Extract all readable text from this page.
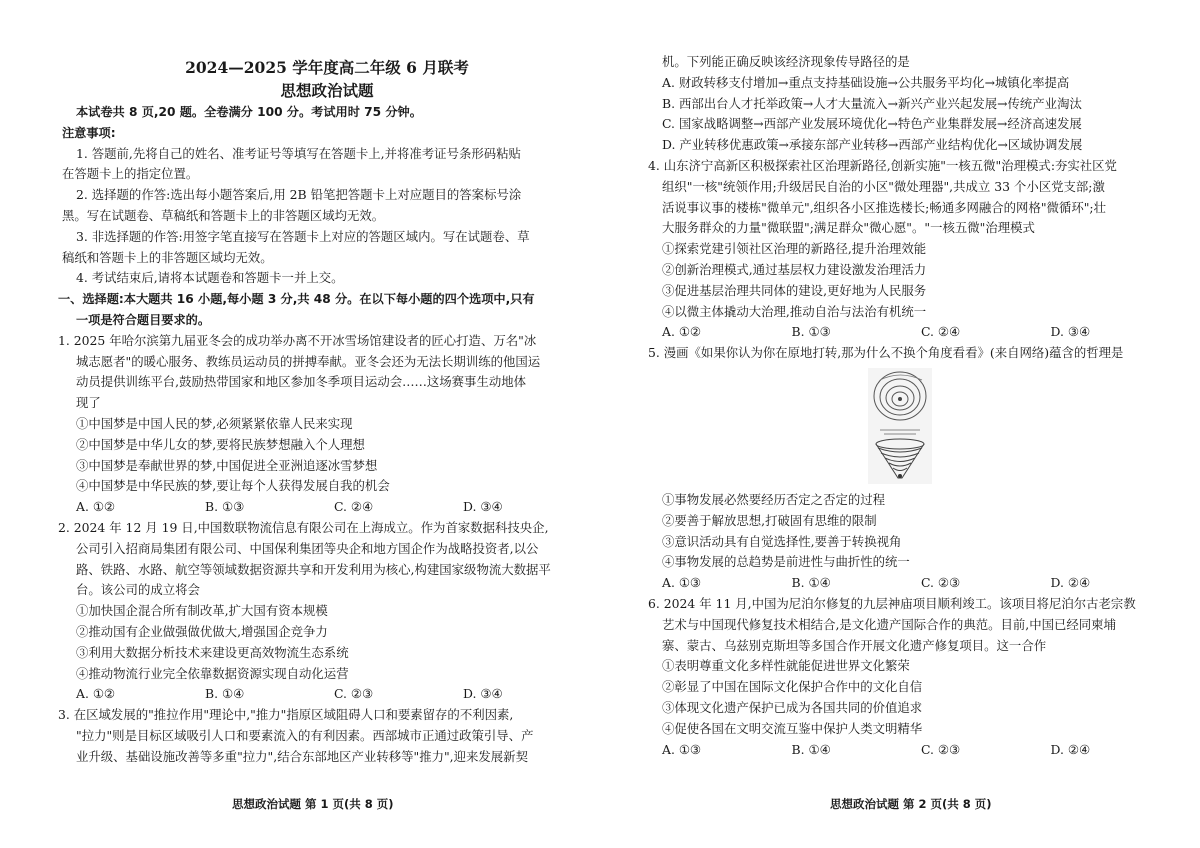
2024—2025 学年度高二年级 6 月联考
思想政治试题
本试卷共 8 页,20 题。全卷满分 100 分。考试用时 75 分钟。
注意事项:
1. 答题前,先将自己的姓名、准考证号等填写在答题卡上,并将准考证号条形码粘贴
在答题卡上的指定位置。
2. 选择题的作答:选出每小题答案后,用 2B 铅笔把答题卡上对应题目的答案标号涂
黑。写在试题卷、草稿纸和答题卡上的非答题区域均无效。
3. 非选择题的作答:用签字笔直接写在答题卡上对应的答题区域内。写在试题卷、草
稿纸和答题卡上的非答题区域均无效。
4. 考试结束后,请将本试题卷和答题卡一并上交。
一、选择题:本大题共 16 小题,每小题 3 分,共 48 分。在以下每小题的四个选项中,只有
一项是符合题目要求的。
1. 2025 年哈尔滨第九届亚冬会的成功举办离不开冰雪场馆建设者的匠心打造、万名"冰
城志愿者"的暖心服务、教练员运动员的拼搏奉献。亚冬会还为无法长期训练的他国运
动员提供训练平台,鼓励热带国家和地区参加冬季项目运动会……这场赛事生动地体
现了
①中国梦是中国人民的梦,必须紧紧依靠人民来实现
②中国梦是中华儿女的梦,要将民族梦想融入个人理想
③中国梦是奉献世界的梦,中国促进全亚洲追逐冰雪梦想
④中国梦是中华民族的梦,要让每个人获得发展自我的机会
A. ①②	B. ①③	C. ②④	D. ③④
2. 2024 年 12 月 19 日,中国数联物流信息有限公司在上海成立。作为首家数据科技央企,
公司引入招商局集团有限公司、中国保利集团等央企和地方国企作为战略投资者,以公
路、铁路、水路、航空等领域数据资源共享和开发利用为核心,构建国家级物流大数据平
台。该公司的成立将会
①加快国企混合所有制改革,扩大国有资本规模
②推动国有企业做强做优做大,增强国企竞争力
③利用大数据分析技术来建设更高效物流生态系统
④推动物流行业完全依靠数据资源实现自动化运营
A. ①②	B. ①④	C. ②③	D. ③④
3. 在区域发展的"推拉作用"理论中,"推力"指原区域阻碍人口和要素留存的不利因素,
"拉力"则是目标区域吸引人口和要素流入的有利因素。西部城市正通过政策引导、产
业升级、基础设施改善等多重"拉力",结合东部地区产业转移等"推力",迎来发展新契
思想政治试题 第 1 页(共 8 页)
机。下列能正确反映该经济现象传导路径的是
A. 财政转移支付增加→重点支持基础设施→公共服务平均化→城镇化率提高
B. 西部出台人才托举政策→人才大量流入→新兴产业兴起发展→传统产业淘汰
C. 国家战略调整→西部产业发展环境优化→特色产业集群发展→经济高速发展
D. 产业转移优惠政策→承接东部产业转移→西部产业结构优化→区域协调发展
4. 山东济宁高新区积极探索社区治理新路径,创新实施"一核五微"治理模式:夯实社区党
组织"一核"统领作用;升级居民自治的小区"微处理器",共成立 33 个小区党支部;激
活说事议事的楼栋"微单元",组织各小区推选楼长;畅通多网融合的网格"微循环";壮
大服务群众的力量"微联盟";满足群众"微心愿"。"一核五微"治理模式
①探索党建引领社区治理的新路径,提升治理效能
②创新治理模式,通过基层权力建设激发治理活力
③促进基层治理共同体的建设,更好地为人民服务
④以微主体撬动大治理,推动自治与法治有机统一
A. ①②	B. ①③	C. ②④	D. ③④
5. 漫画《如果你认为你在原地打转,那为什么不换个角度看看》(来自网络)蕴含的哲理是
①事物发展必然要经历否定之否定的过程
②要善于解放思想,打破固有思维的限制
③意识活动具有自觉选择性,要善于转换视角
④事物发展的总趋势是前进性与曲折性的统一
A. ①③	B. ①④	C. ②③	D. ②④
6. 2024 年 11 月,中国为尼泊尔修复的九层神庙项目顺利竣工。该项目将尼泊尔古老宗教
艺术与中国现代修复技术相结合,是文化遗产国际合作的典范。目前,中国已经同柬埔
寨、蒙古、乌兹别克斯坦等多国合作开展文化遗产修复项目。这一合作
①表明尊重文化多样性就能促进世界文化繁荣
②彰显了中国在国际文化保护合作中的文化自信
③体现文化遗产保护已成为各国共同的价值追求
④促使各国在文明交流互鉴中保护人类文明精华
A. ①③	B. ①④	C. ②③	D. ②④
思想政治试题 第 2 页(共 8 页)
